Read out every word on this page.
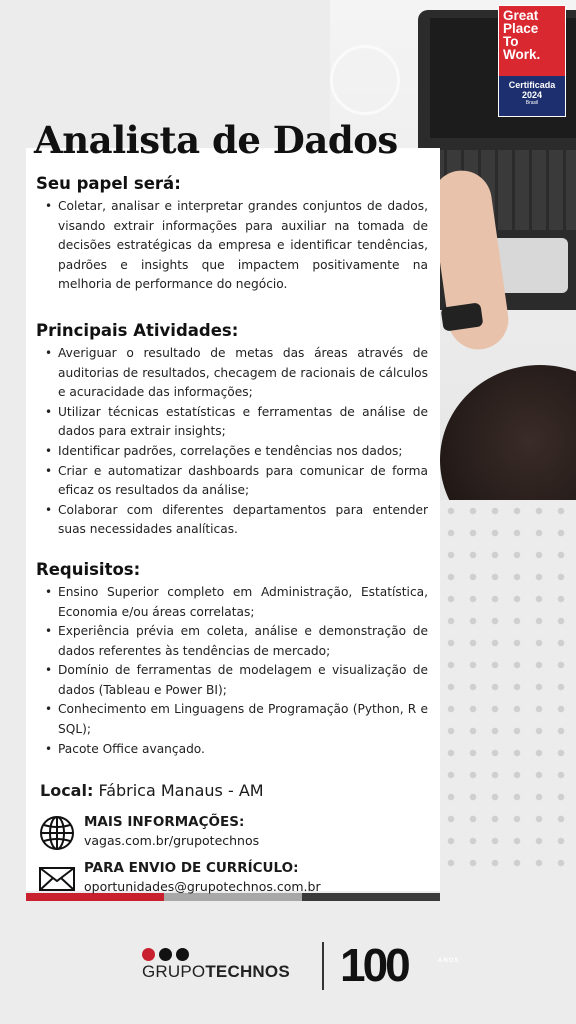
Great
Place
To
Work.
Certificada
2024
Brasil
Analista de Dados
Seu papel será:
• Coletar, analisar e interpretar grandes conjuntos de dados, visando extrair informações para auxiliar na tomada de decisões estratégicas da empresa e identificar tendências, padrões e insights que impactem positivamente na melhoria de performance do negócio.
Principais Atividades:
• Averiguar o resultado de metas das áreas através de auditorias de resultados, checagem de racionais de cálculos e acuracidade das informações;
• Utilizar técnicas estatísticas e ferramentas de análise de dados para extrair insights;
• Identificar padrões, correlações e tendências nos dados;
• Criar e automatizar dashboards para comunicar de forma eficaz os resultados da análise;
• Colaborar com diferentes departamentos para entender suas necessidades analíticas.
Requisitos:
• Ensino Superior completo em Administração, Estatística, Economia e/ou áreas correlatas;
• Experiência prévia em coleta, análise e demonstração de dados referentes às tendências de mercado;
• Domínio de ferramentas de modelagem e visualização de dados (Tableau e Power BI);
• Conhecimento em Linguagens de Programação (Python, R e SQL);
• Pacote Office avançado.
Local: Fábrica Manaus - AM
MAIS INFORMAÇÕES:
vagas.com.br/grupotechnos
PARA ENVIO DE CURRÍCULO:
oportunidades@grupotechnos.com.br
GRUPOTECHNOS 100	ANOS
